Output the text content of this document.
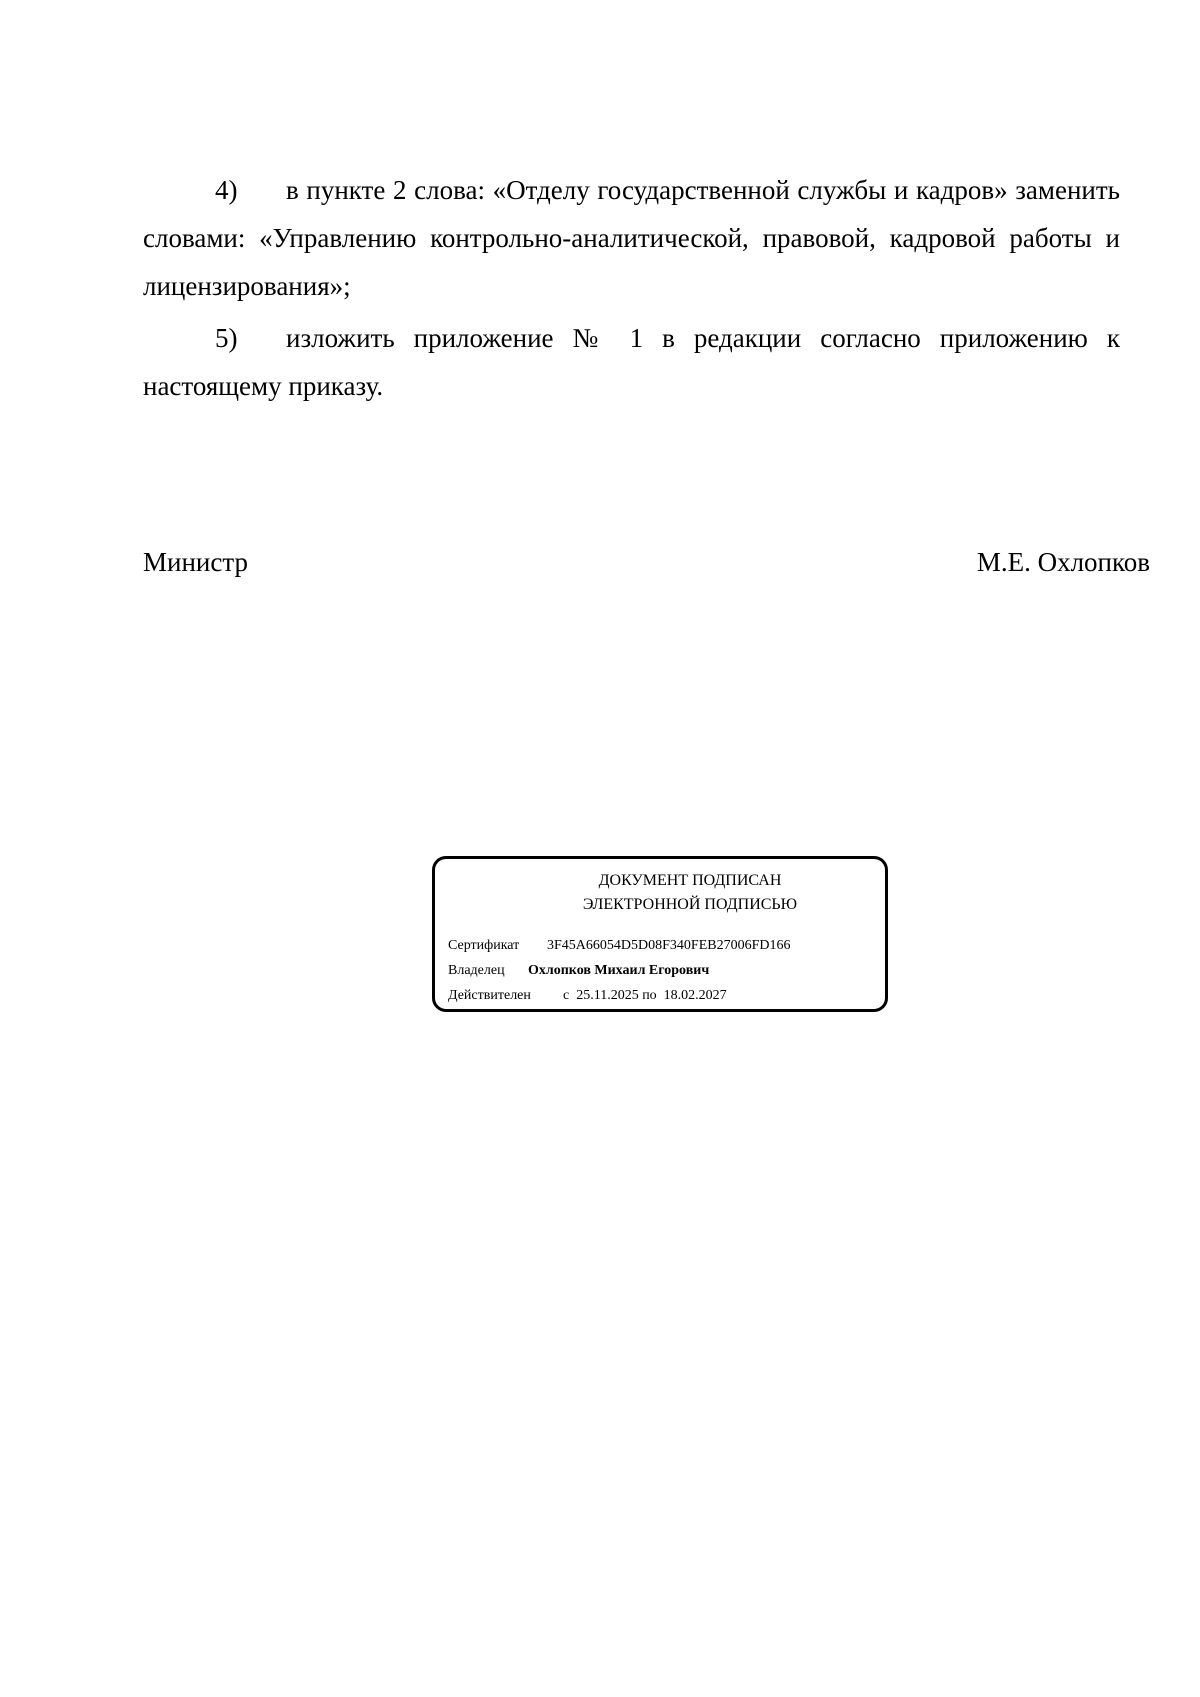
4) в пункте 2 слова: «Отделу государственной службы и кадров» заменить словами: «Управлению контрольно-аналитической, правовой, кадровой работы и лицензирования»;
5) изложить приложение № 1 в редакции согласно приложению к настоящему приказу.
Министр	М.Е. Охлопков
ДОКУМЕНТ ПОДПИСАН
ЭЛЕКТРОННОЙ ПОДПИСЬЮ
Сертификат 3F45A66054D5D08F340FEB27006FD166
Владелец Охлопков Михаил Егорович
Действителен с  25.11.2025 по  18.02.2027
